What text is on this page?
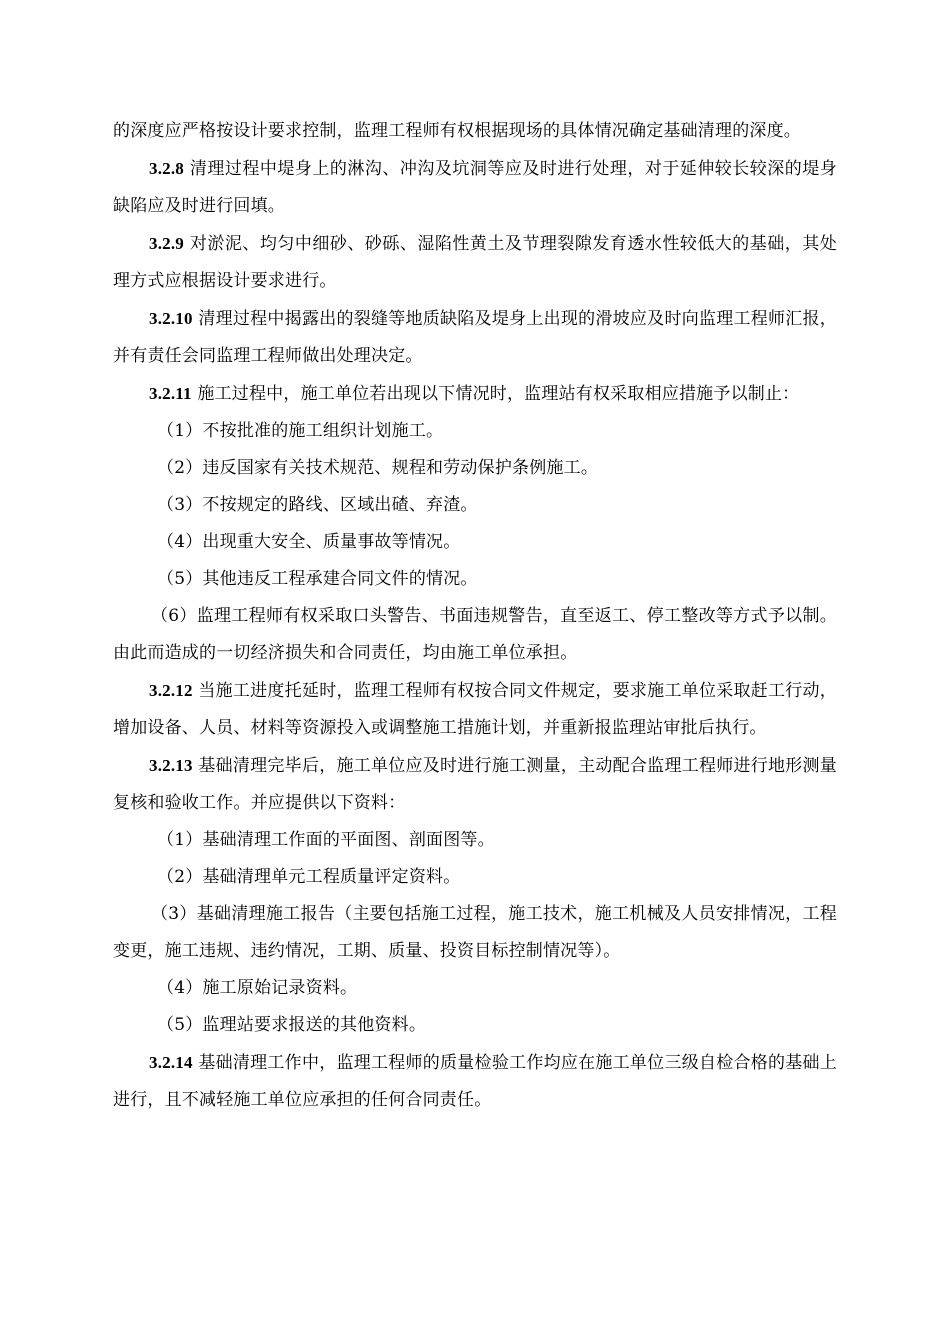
的深度应严格按设计要求控制，监理工程师有权根据现场的具体情况确定基础清理的深度。

3.2.8 清理过程中堤身上的淋沟、冲沟及坑洞等应及时进行处理，对于延伸较长较深的堤身缺陷应及时进行回填。

3.2.9 对淤泥、均匀中细砂、砂砾、湿陷性黄土及节理裂隙发育透水性较低大的基础，其处理方式应根据设计要求进行。

3.2.10 清理过程中揭露出的裂缝等地质缺陷及堤身上出现的滑坡应及时向监理工程师汇报，并有责任会同监理工程师做出处理决定。

3.2.11 施工过程中，施工单位若出现以下情况时，监理站有权采取相应措施予以制止：

（1）不按批准的施工组织计划施工。

（2）违反国家有关技术规范、规程和劳动保护条例施工。

（3）不按规定的路线、区域出碴、弃渣。

（4）出现重大安全、质量事故等情况。

（5）其他违反工程承建合同文件的情况。

（6）监理工程师有权采取口头警告、书面违规警告，直至返工、停工整改等方式予以制。由此而造成的一切经济损失和合同责任，均由施工单位承担。

3.2.12 当施工进度托延时，监理工程师有权按合同文件规定，要求施工单位采取赶工行动，增加设备、人员、材料等资源投入或调整施工措施计划，并重新报监理站审批后执行。

3.2.13 基础清理完毕后，施工单位应及时进行施工测量，主动配合监理工程师进行地形测量复核和验收工作。并应提供以下资料：

（1）基础清理工作面的平面图、剖面图等。

（2）基础清理单元工程质量评定资料。

（3）基础清理施工报告（主要包括施工过程，施工技术，施工机械及人员安排情况，工程变更，施工违规、违约情况，工期、质量、投资目标控制情况等）。

（4）施工原始记录资料。

（5）监理站要求报送的其他资料。

3.2.14 基础清理工作中，监理工程师的质量检验工作均应在施工单位三级自检合格的基础上进行，且不减轻施工单位应承担的任何合同责任。
